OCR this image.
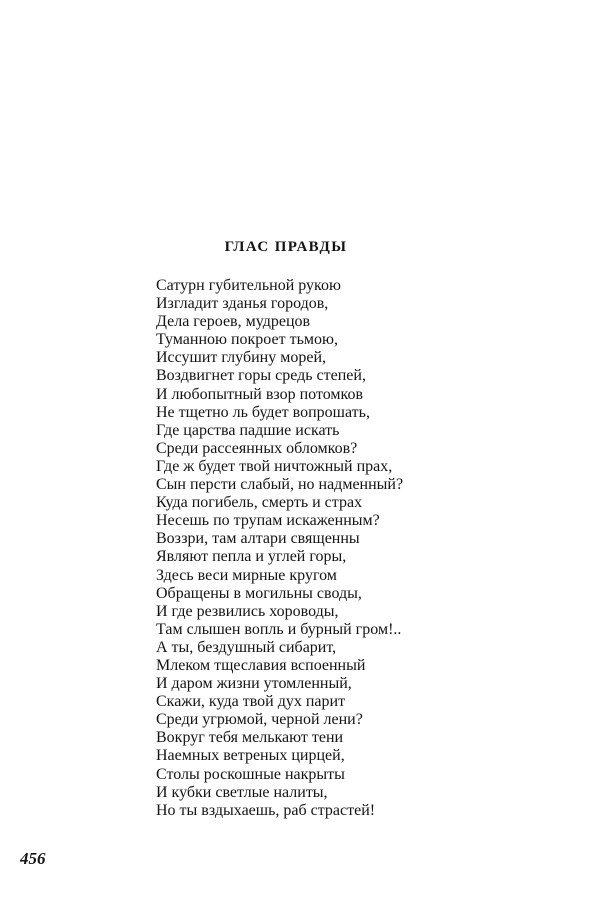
ГЛАС ПРАВДЫ
Сатурн губительной рукою
Изгладит зданья городов,
Дела героев, мудрецов
Туманною покроет тьмою,
Иссушит глубину морей,
Воздвигнет горы средь степей,
И любопытный взор потомков
Не тщетно ль будет вопрошать,
Где царства падшие искать
Среди рассеянных обломков?
Где ж будет твой ничтожный прах,
Сын персти слабый, но надменный?
Куда погибель, смерть и страх
Несешь по трупам искаженным?
Воззри, там алтари священны
Являют пепла и углей горы,
Здесь веси мирные кругом
Обращены в могильны своды,
И где резвились хороводы,
Там слышен вопль и бурный гром!..
А ты, бездушный сибарит,
Млеком тщеславия вспоенный
И даром жизни утомленный,
Скажи, куда твой дух парит
Среди угрюмой, черной лени?
Вокруг тебя мелькают тени
Наемных ветреных цирцей,
Столы роскошные накрыты
И кубки светлые налиты,
Но ты вздыхаешь, раб страстей!
456
